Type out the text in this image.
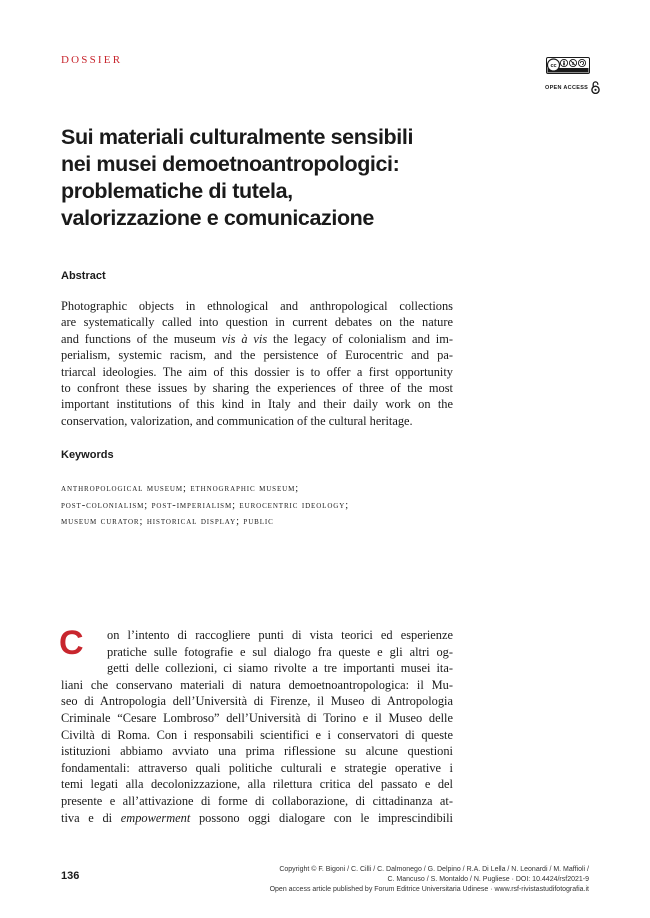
DOSSIER	cc
OPEN ACCESS
Sui materiali culturalmente sensibili
nei musei demoetnoantropologici:
problematiche di tutela,
valorizzazione e comunicazione
Abstract
Photographic objects in ethnological and anthropological collections
are systematically called into question in current debates on the nature
and functions of the museum vis à vis the legacy of colonialism and im-
perialism, systemic racism, and the persistence of Eurocentric and pa-
triarcal ideologies. The aim of this dossier is to offer a first opportunity
to confront these issues by sharing the experiences of three of the most
important institutions of this kind in Italy and their daily work on the
conservation, valorization, and communication of the cultural heritage.
Keywords
anthropological museum; ethnographic museum;
post-colonialism; post-imperialism; eurocentric ideology;
museum curator; historical display; public
C on l’intento di raccogliere punti di vista teorici ed esperienze
pratiche sulle fotografie e sul dialogo fra queste e gli altri og-
getti delle collezioni, ci siamo rivolte a tre importanti musei ita-
liani che conservano materiali di natura demoetnoantropologica: il Mu-
seo di Antropologia dell’Università di Firenze, il Museo di Antropologia
Criminale “Cesare Lombroso” dell’Università di Torino e il Museo delle
Civiltà di Roma. Con i responsabili scientifici e i conservatori di queste
istituzioni abbiamo avviato una prima riflessione su alcune questioni
fondamentali: attraverso quali politiche culturali e strategie operative i
temi legati alla decolonizzazione, alla rilettura critica del passato e del
presente e all’attivazione di forme di collaborazione, di cittadinanza at-
tiva e di empowerment possono oggi dialogare con le imprescindibili
136
Copyright © F. Bigoni / C. Cilli / C. Dalmonego / G. Delpino / R.A. Di Lella / N. Leonardi / M. Maffioli /
C. Mancuso / S. Montaldo / N. Pugliese · DOI: 10.4424/rsf2021-9
Open access article published by Forum Editrice Universitaria Udinese · www.rsf-rivistastudifotografia.it
